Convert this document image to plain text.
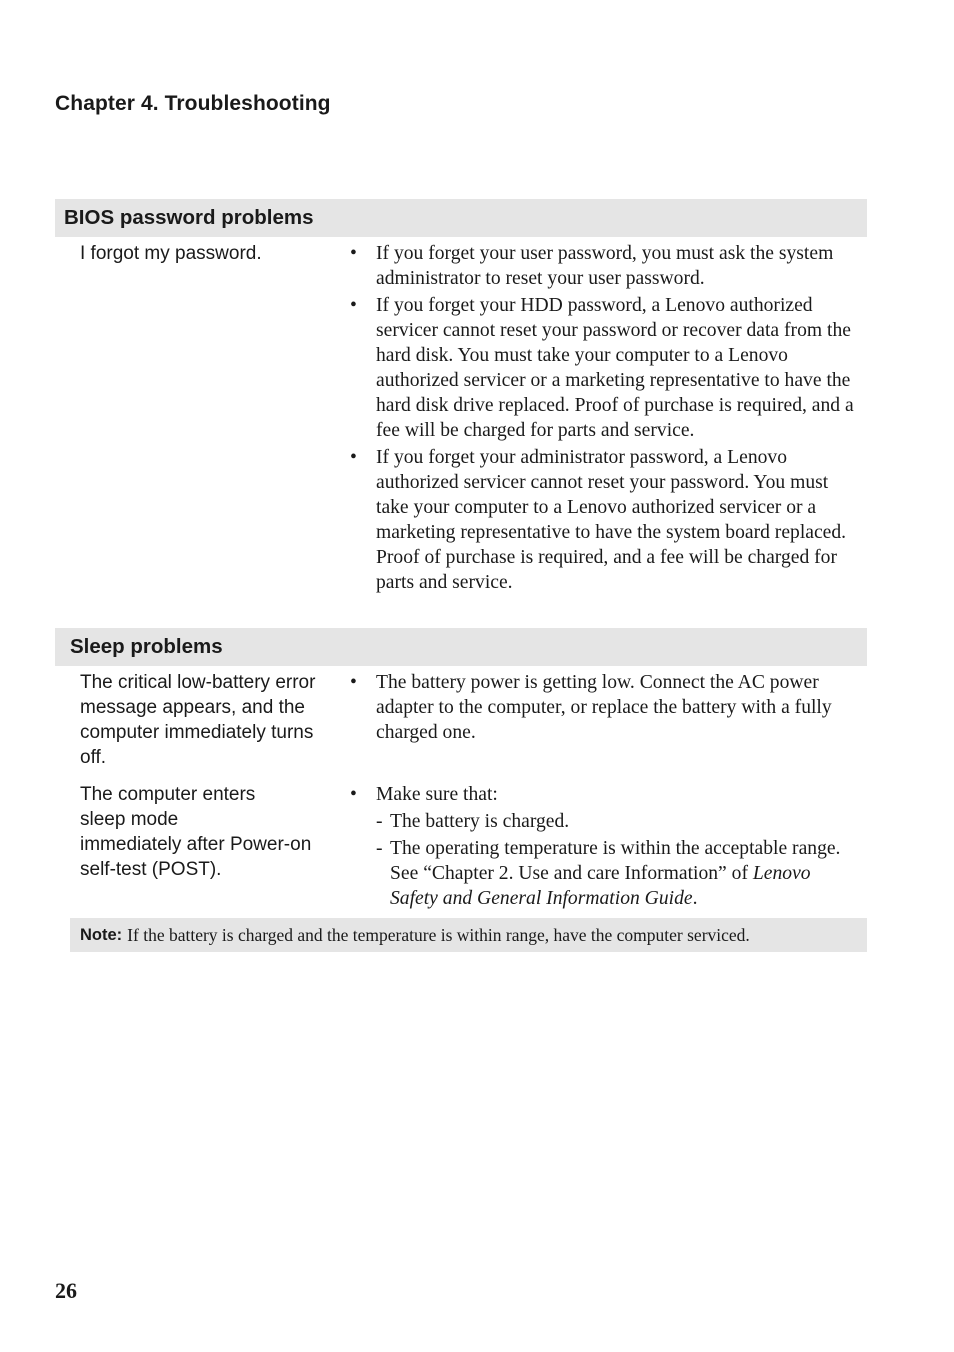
Chapter 4. Troubleshooting
BIOS password problems
I forgot my password.	• If you forget your user password, you must ask the system administrator to reset your user password.
• If you forget your HDD password, a Lenovo authorized servicer cannot reset your password or recover data from the hard disk. You must take your computer to a Lenovo authorized servicer or a marketing representative to have the hard disk drive replaced. Proof of purchase is required, and a fee will be charged for parts and service.
• If you forget your administrator password, a Lenovo authorized servicer cannot reset your password. You must take your computer to a Lenovo authorized servicer or a marketing representative to have the system board replaced. Proof of purchase is required, and a fee will be charged for parts and service.
Sleep problems
The critical low-battery error message appears, and the computer immediately turns off.
• The battery power is getting low. Connect the AC power adapter to the computer, or replace the battery with a fully charged one.
The computer enters
sleep mode
immediately after Power-on
self-test (POST).
• Make sure that:
- The battery is charged.
- The operating temperature is within the acceptable range. See “Chapter 2. Use and care Information” of Lenovo Safety and General Information Guide.
Note: If the battery is charged and the temperature is within range, have the computer serviced.
26
